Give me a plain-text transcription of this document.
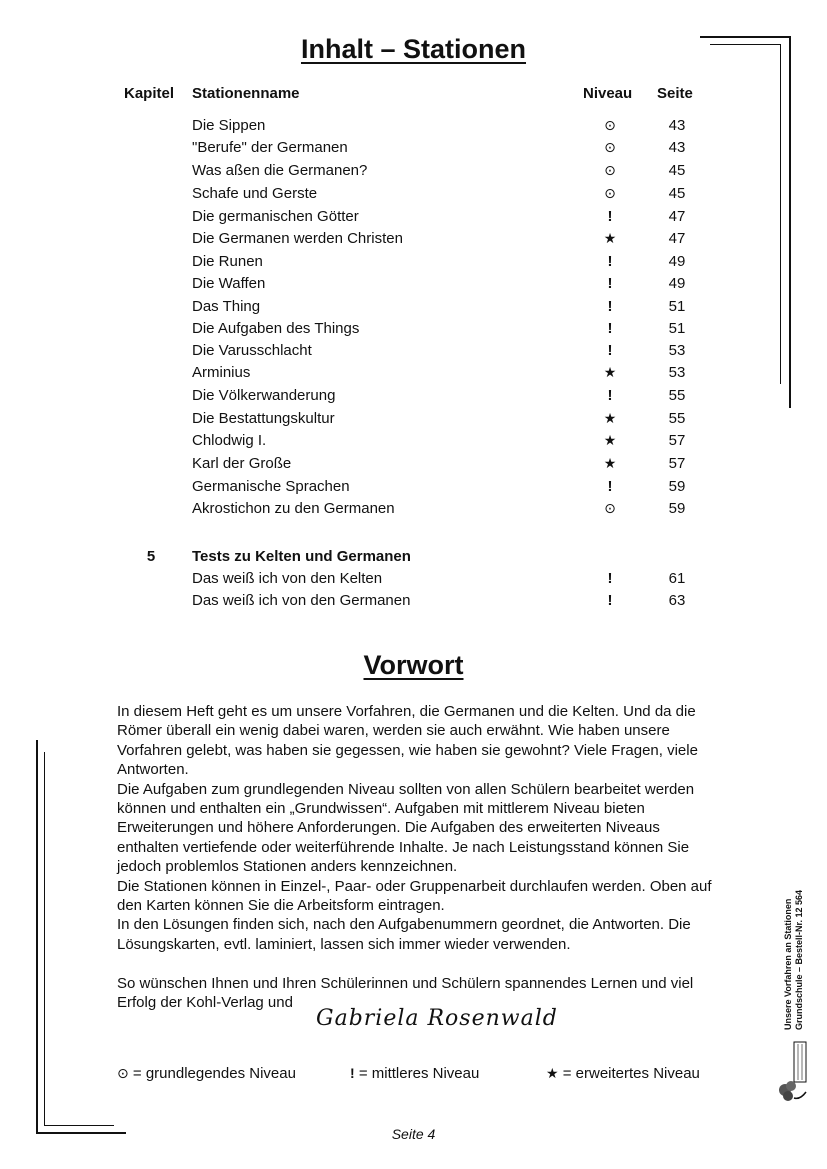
Inhalt – Stationen
Kapitel Stationenname	Niveau Seite
Die Sippen	⊙	43
"Berufe" der Germanen	⊙	43
Was aßen die Germanen?	⊙	45
Schafe und Gerste	⊙	45
Die germanischen Götter	!	47
Die Germanen werden Christen	★	47
Die Runen	!	49
Die Waffen	!	49
Das Thing	!	51
Die Aufgaben des Things	!	51
Die Varusschlacht	!	53
Arminius	★	53
Die Völkerwanderung	!	55
Die Bestattungskultur	★	55
Chlodwig I.	★	57
Karl der Große	★	57
Germanische Sprachen	!	59
Akrostichon zu den Germanen	⊙	59
5	Tests zu Kelten und Germanen
Das weiß ich von den Kelten	!	61
Das weiß ich von den Germanen	!	63
Vorwort

In diesem Heft geht es um unsere Vorfahren, die Germanen und die Kelten. Und da die Römer überall ein wenig dabei waren, werden sie auch erwähnt. Wie haben unsere Vorfahren gelebt, was haben sie gegessen, wie haben sie gewohnt? Viele Fragen, viele Antworten.

Die Aufgaben zum grundlegenden Niveau sollten von allen Schülern bearbeitet werden können und enthalten ein „Grundwissen“. Aufgaben mit mittlerem Niveau bieten Erweiterungen und höhere Anforderungen. Die Aufgaben des erweiterten Niveaus enthalten vertiefende oder weiterführende Inhalte. Je nach Leistungsstand können Sie jedoch problemlos Stationen anders kennzeichnen.

Die Stationen können in Einzel-, Paar- oder Gruppenarbeit durchlaufen werden. Oben auf den Karten können Sie die Arbeitsform eintragen.

In den Lösungen finden sich, nach den Aufgabenummern geordnet, die Antworten. Die Lösungskarten, evtl. laminiert, lassen sich immer wieder verwenden.

So wünschen Ihnen und Ihren Schülerinnen und Schülern spannendes Lernen und viel Erfolg der Kohl-Verlag und

Gabriela Rosenwald
⊙ = grundlegendes Niveau	! = mittleres Niveau	★ = erweitertes Niveau
Seite 4
Unsere Vorfahren an Stationen Grundschule – Bestell-Nr. 12 564
